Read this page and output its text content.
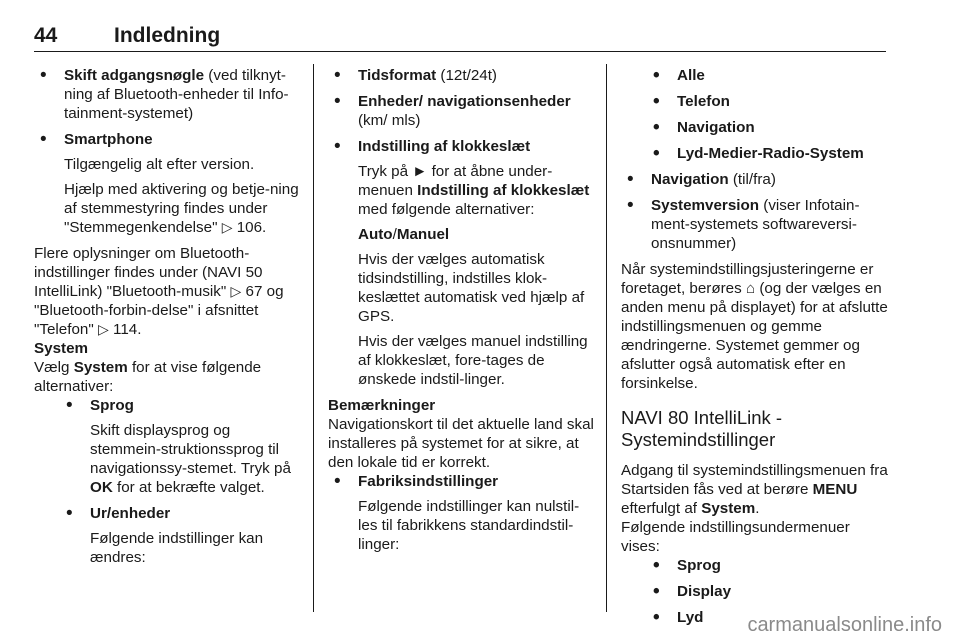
44	Indledning

• Skift adgangsnøgle (ved tilknyt-ning af Bluetooth-enheder til Info-tainment-systemet)

• Smartphone

Tilgængelig alt efter version.

Hjælp med aktivering og betje-ning af stemmestyring findes under "Stemmegenkendelse" ▷ 106.

Flere oplysninger om Bluetooth-indstillinger findes under (NAVI 50 IntelliLink) "Bluetooth-musik" ▷ 67 og "Bluetooth-forbin-delse" i afsnittet "Telefon" ▷ 114.

System

Vælg System for at vise følgende alternativer:

• Sprog

Skift displaysprog og stemmein-struktionssprog til navigationssy-stemet. Tryk på OK for at bekræfte valget.

• Ur/enheder

Følgende indstillinger kan ændres:

• Tidsformat (12t/24t)

• Enheder/ navigationsenheder (km/ mls)

• Indstilling af klokkeslæt

Tryk på ► for at åbne under-menuen Indstilling af klokkeslæt med følgende alternativer:

Auto/Manuel

Hvis der vælges automatisk tidsindstilling, indstilles klok-keslættet automatisk ved hjælp af GPS.

Hvis der vælges manuel indstilling af klokkeslæt, fore-tages de ønskede indstil-linger.

Bemærkninger

Navigationskort til det aktuelle land skal installeres på systemet for at sikre, at den lokale tid er korrekt.

• Fabriksindstillinger

Følgende indstillinger kan nulstil-les til fabrikkens standardindstil-linger:

• Alle
• Telefon
• Navigation
• Lyd-Medier-Radio-System

• Navigation (til/fra)

• Systemversion (viser Infotain-ment-systemets softwareversi-onsnummer)

Når systemindstillingsjusteringerne er foretaget, berøres ⌂ (og der vælges en anden menu på displayet) for at afslutte indstillingsmenuen og gemme ændringerne. Systemet gemmer og afslutter også automatisk efter en forsinkelse.

NAVI 80 IntelliLink - Systemindstillinger

Adgang til systemindstillingsmenuen fra Startsiden fås ved at berøre MENU efterfulgt af System.

Følgende indstillingsundermenuer vises:

• Sprog
• Display
• Lyd	carmanualsonline.info
